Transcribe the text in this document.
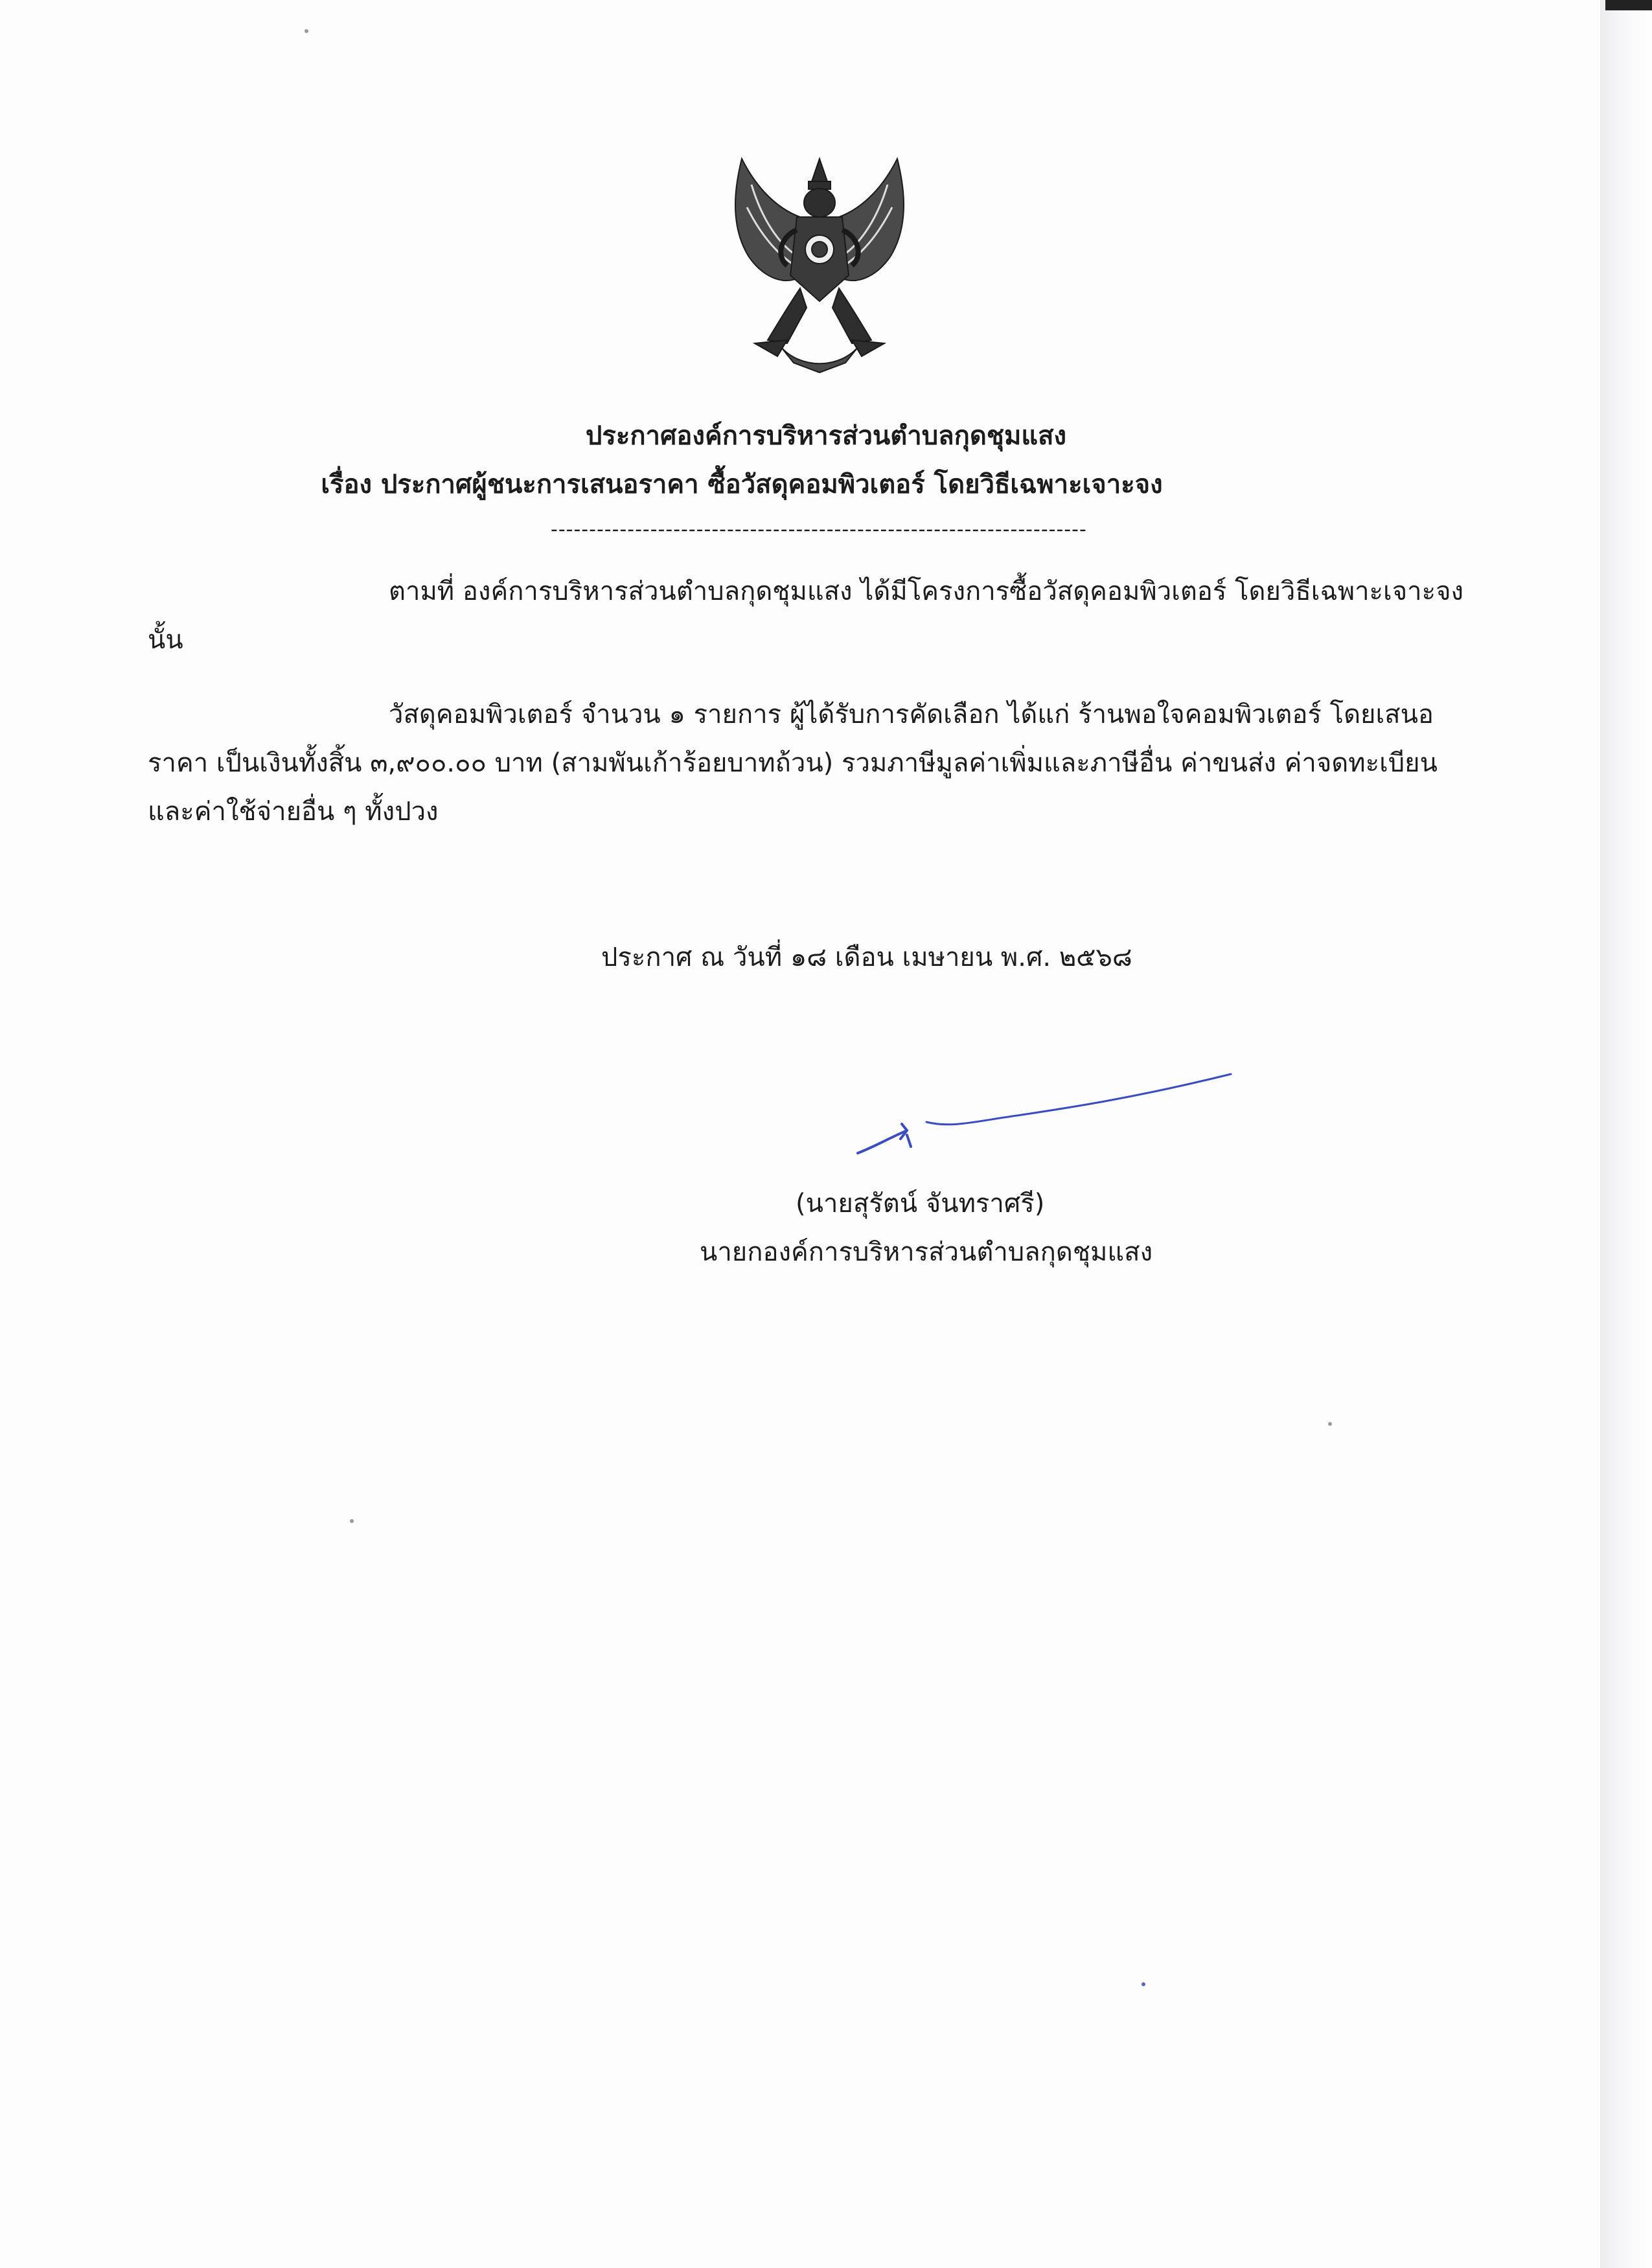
ประกาศองค์การบริหารส่วนตำบลกุดชุมแสง
เรื่อง ประกาศผู้ชนะการเสนอราคา ซื้อวัสดุคอมพิวเตอร์ โดยวิธีเฉพาะเจาะจง
----------------------------------------------------------------------
ตามที่ องค์การบริหารส่วนตำบลกุดชุมแสง ได้มีโครงการซื้อวัสดุคอมพิวเตอร์ โดยวิธีเฉพาะเจาะจง
นั้น
วัสดุคอมพิวเตอร์ จำนวน ๑ รายการ ผู้ได้รับการคัดเลือก ได้แก่ ร้านพอใจคอมพิวเตอร์ โดยเสนอ
ราคา เป็นเงินทั้งสิ้น ๓,๙๐๐.๐๐ บาท (สามพันเก้าร้อยบาทถ้วน) รวมภาษีมูลค่าเพิ่มและภาษีอื่น ค่าขนส่ง ค่าจดทะเบียน
และค่าใช้จ่ายอื่น ๆ ทั้งปวง
ประกาศ ณ วันที่ ๑๘ เดือน เมษายน พ.ศ. ๒๕๖๘
(นายสุรัตน์ จันทราศรี)
นายกองค์การบริหารส่วนตำบลกุดชุมแสง
